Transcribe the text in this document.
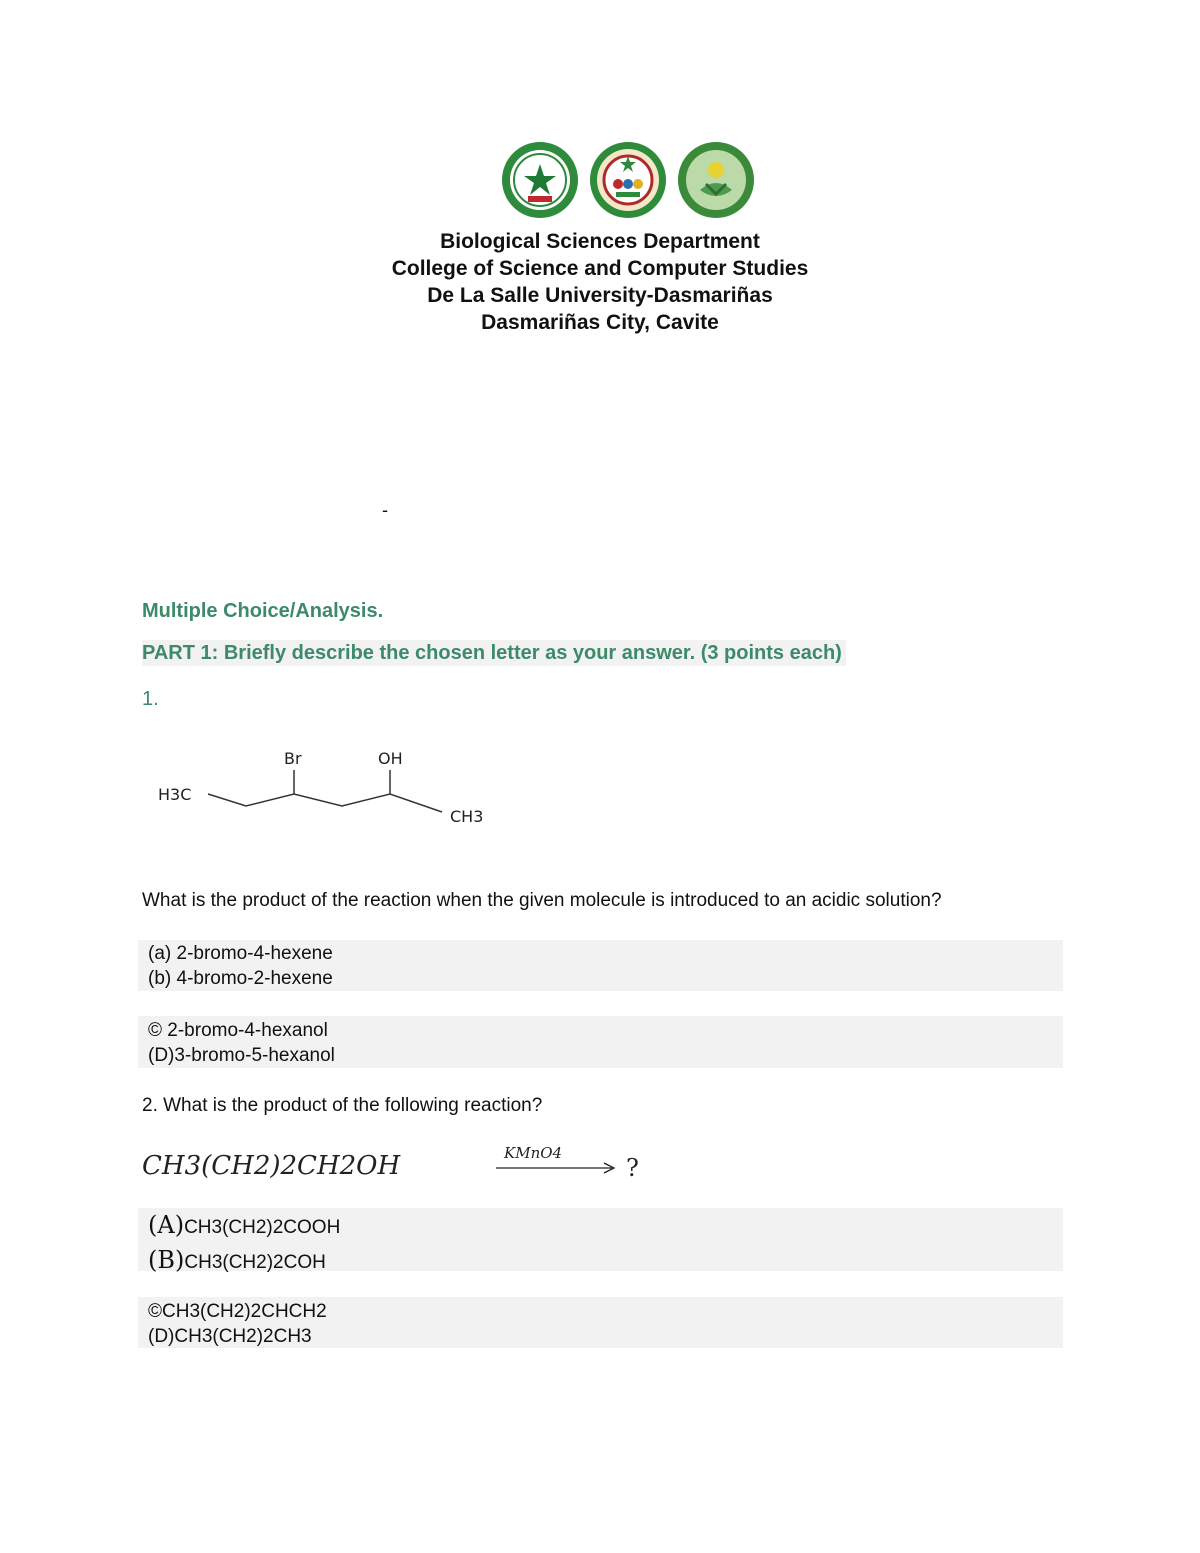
Biological Sciences Department
College of Science and Computer Studies
De La Salle University-Dasmariñas
Dasmariñas City, Cavite
-
Multiple Choice/Analysis.
PART 1: Briefly describe the chosen letter as your answer. (3 points each)
1.
H3C
Br	OH
CH3
What is the product of the reaction when the given molecule is introduced to an acidic solution?
(a) 2-bromo-4-hexene
(b) 4-bromo-2-hexene
© 2-bromo-4-hexanol
(D)3-bromo-5-hexanol
2. What is the product of the following reaction?
CH3(CH2)2CH2OH	KMnO4
?
(A)CH3(CH2)2COOH
(B)CH3(CH2)2COH
©CH3(CH2)2CHCH2
(D)CH3(CH2)2CH3
